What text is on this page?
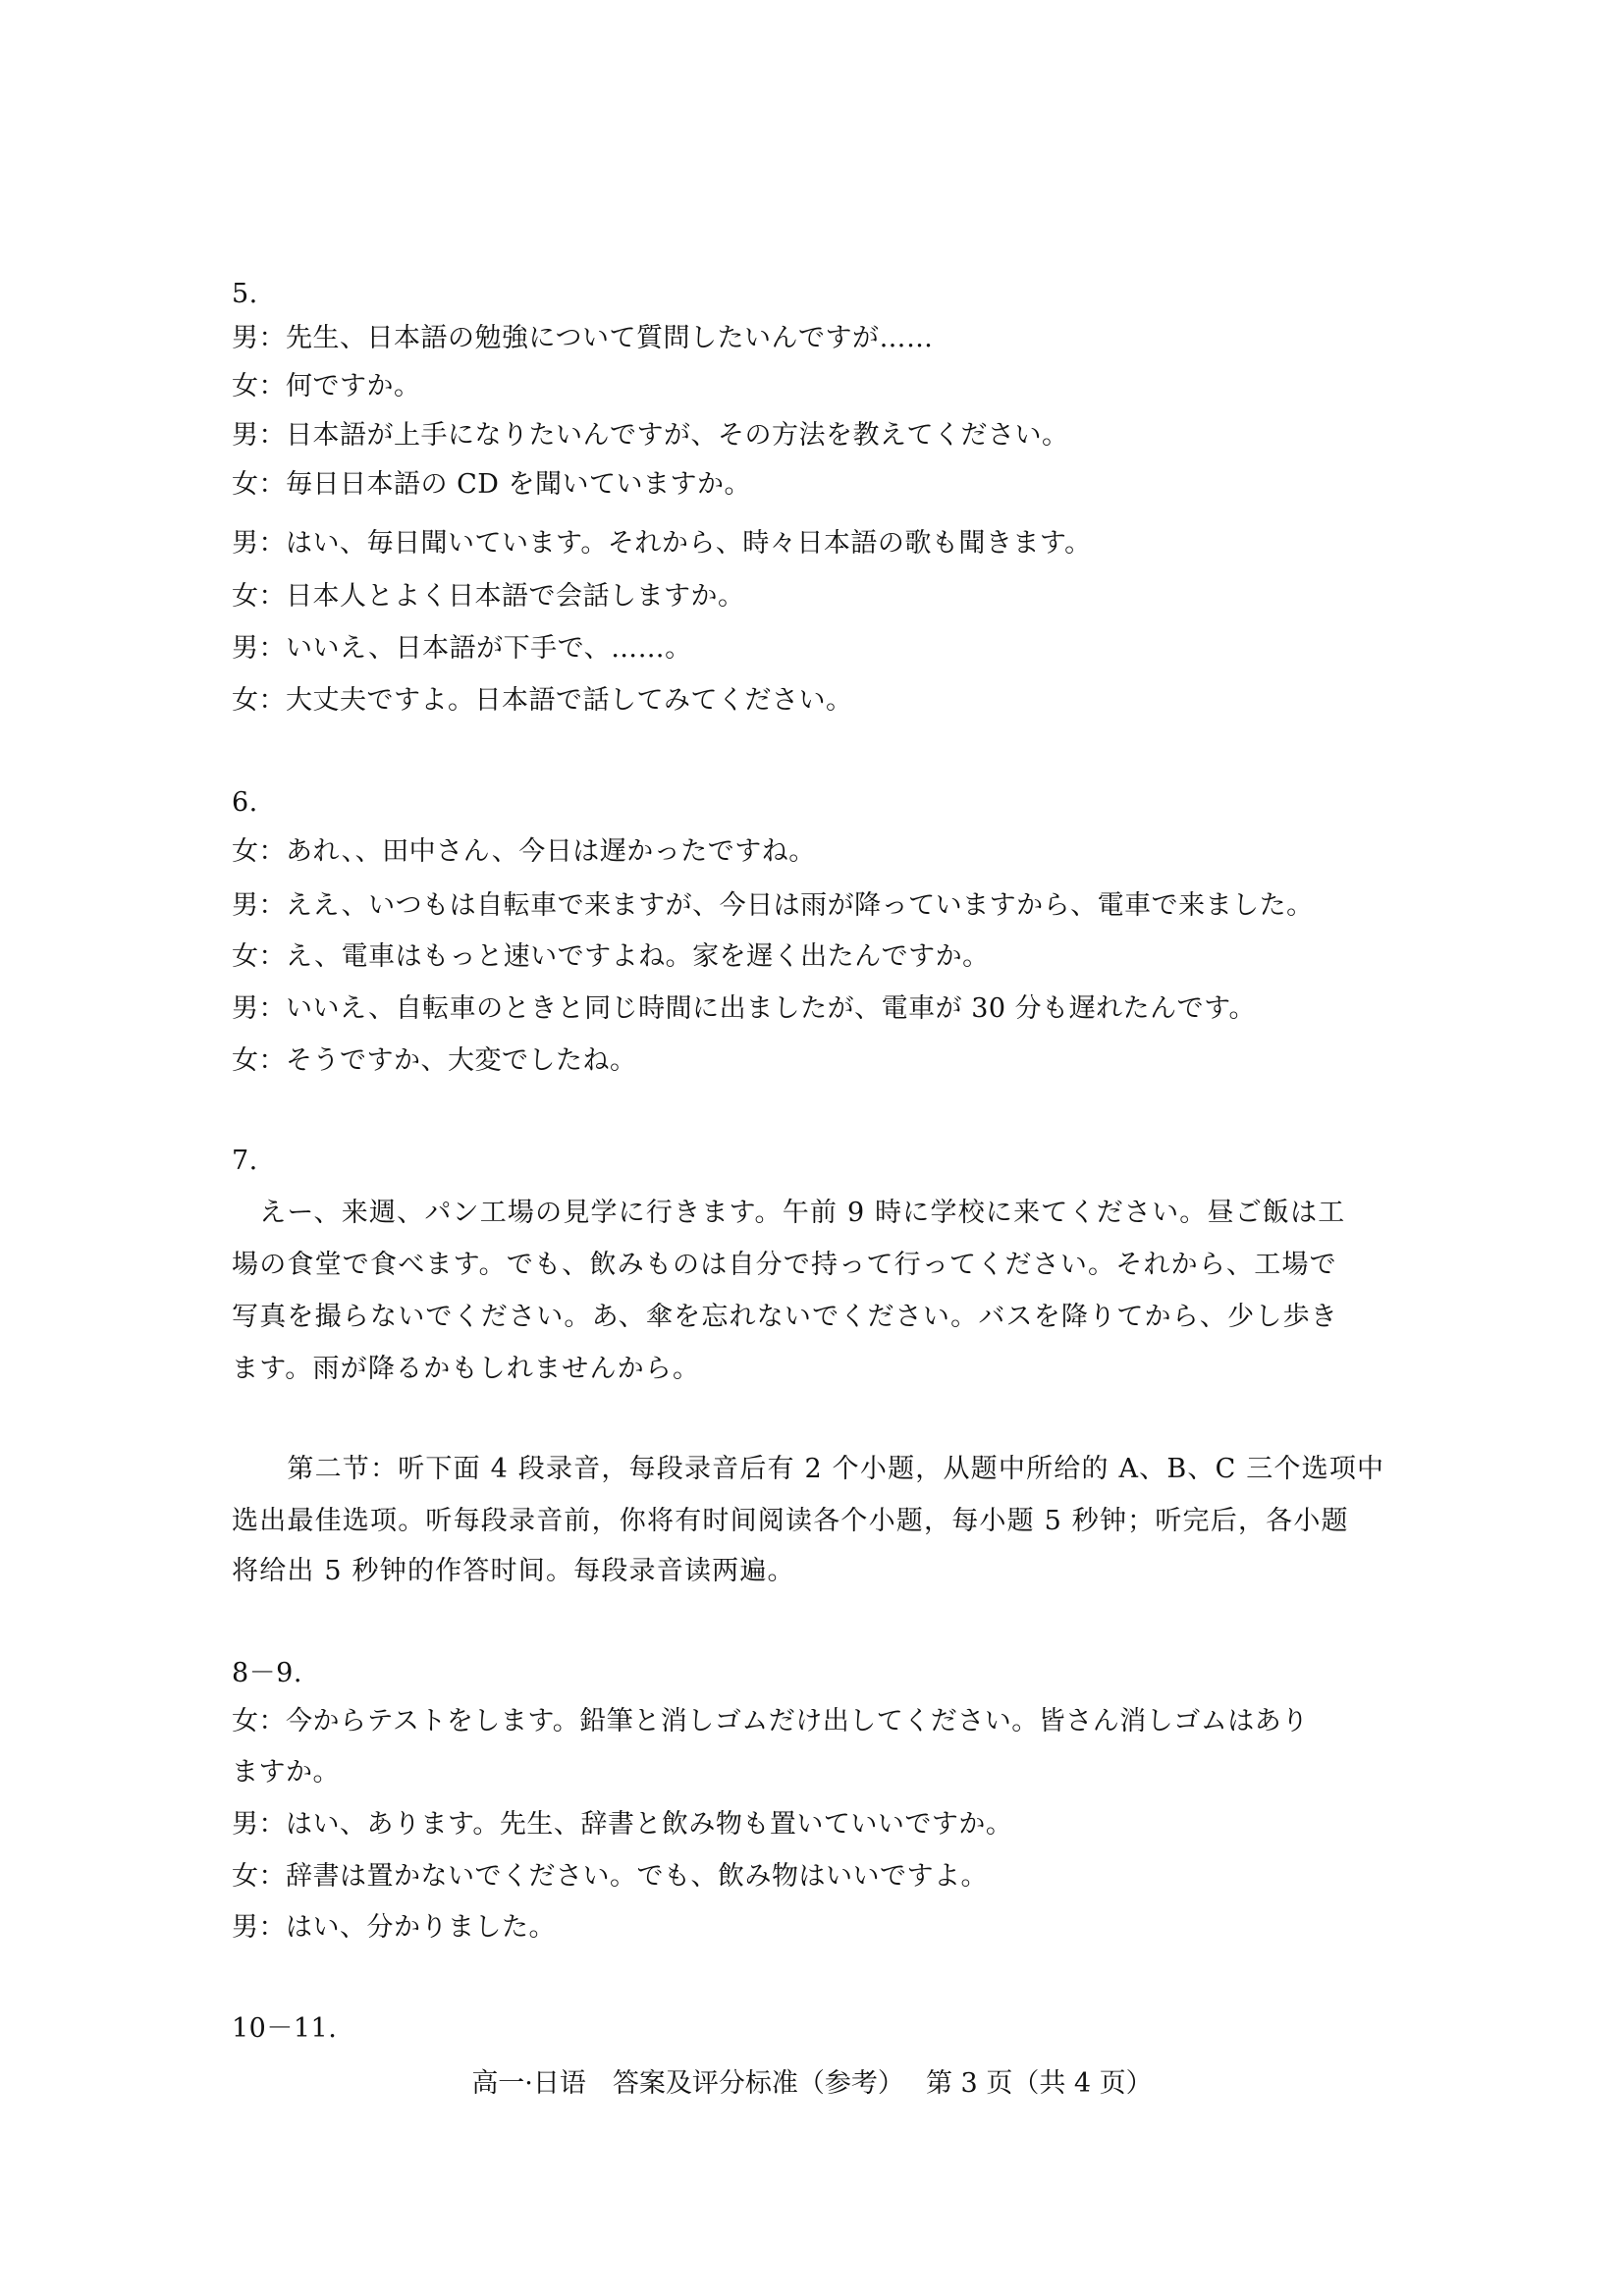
5.
男：先生、日本語の勉強について質問したいんですが……
女：何ですか。
男：日本語が上手になりたいんですが、その方法を教えてください。
女：毎日日本語の CD を聞いていますか。
男：はい、毎日聞いています。それから、時々日本語の歌も聞きます。
女：日本人とよく日本語で会話しますか。
男：いいえ、日本語が下手で、……。
女：大丈夫ですよ。日本語で話してみてください。
6.
女：あれ、、田中さん、今日は遅かったですね。
男：ええ、いつもは自転車で来ますが、今日は雨が降っていますから、電車で来ました。
女：え、電車はもっと速いですよね。家を遅く出たんですか。
男：いいえ、自転車のときと同じ時間に出ましたが、電車が 30 分も遅れたんです。
女：そうですか、大変でしたね。
7.
　えー、来週、パン工場の見学に行きます。午前 9 時に学校に来てください。昼ご飯は工
場の食堂で食べます。でも、飲みものは自分で持って行ってください。それから、工場で
写真を撮らないでください。あ、傘を忘れないでください。バスを降りてから、少し歩き
ます。雨が降るかもしれませんから。
　　第二节：听下面 4 段录音，每段录音后有 2 个小题，从题中所给的 A、B、C 三个选项中
选出最佳选项。听每段录音前，你将有时间阅读各个小题，每小题 5 秒钟；听完后，各小题
将给出 5 秒钟的作答时间。每段录音读两遍。
8－9.
女：今からテストをします。鉛筆と消しゴムだけ出してください。皆さん消しゴムはあり
ますか。
男：はい、あります。先生、辞書と飲み物も置いていいですか。
女：辞書は置かないでください。でも、飲み物はいいですよ。
男：はい、分かりました。
10－11.
高一·日语　答案及评分标准（参考）　 第 3 页（共 4 页）
